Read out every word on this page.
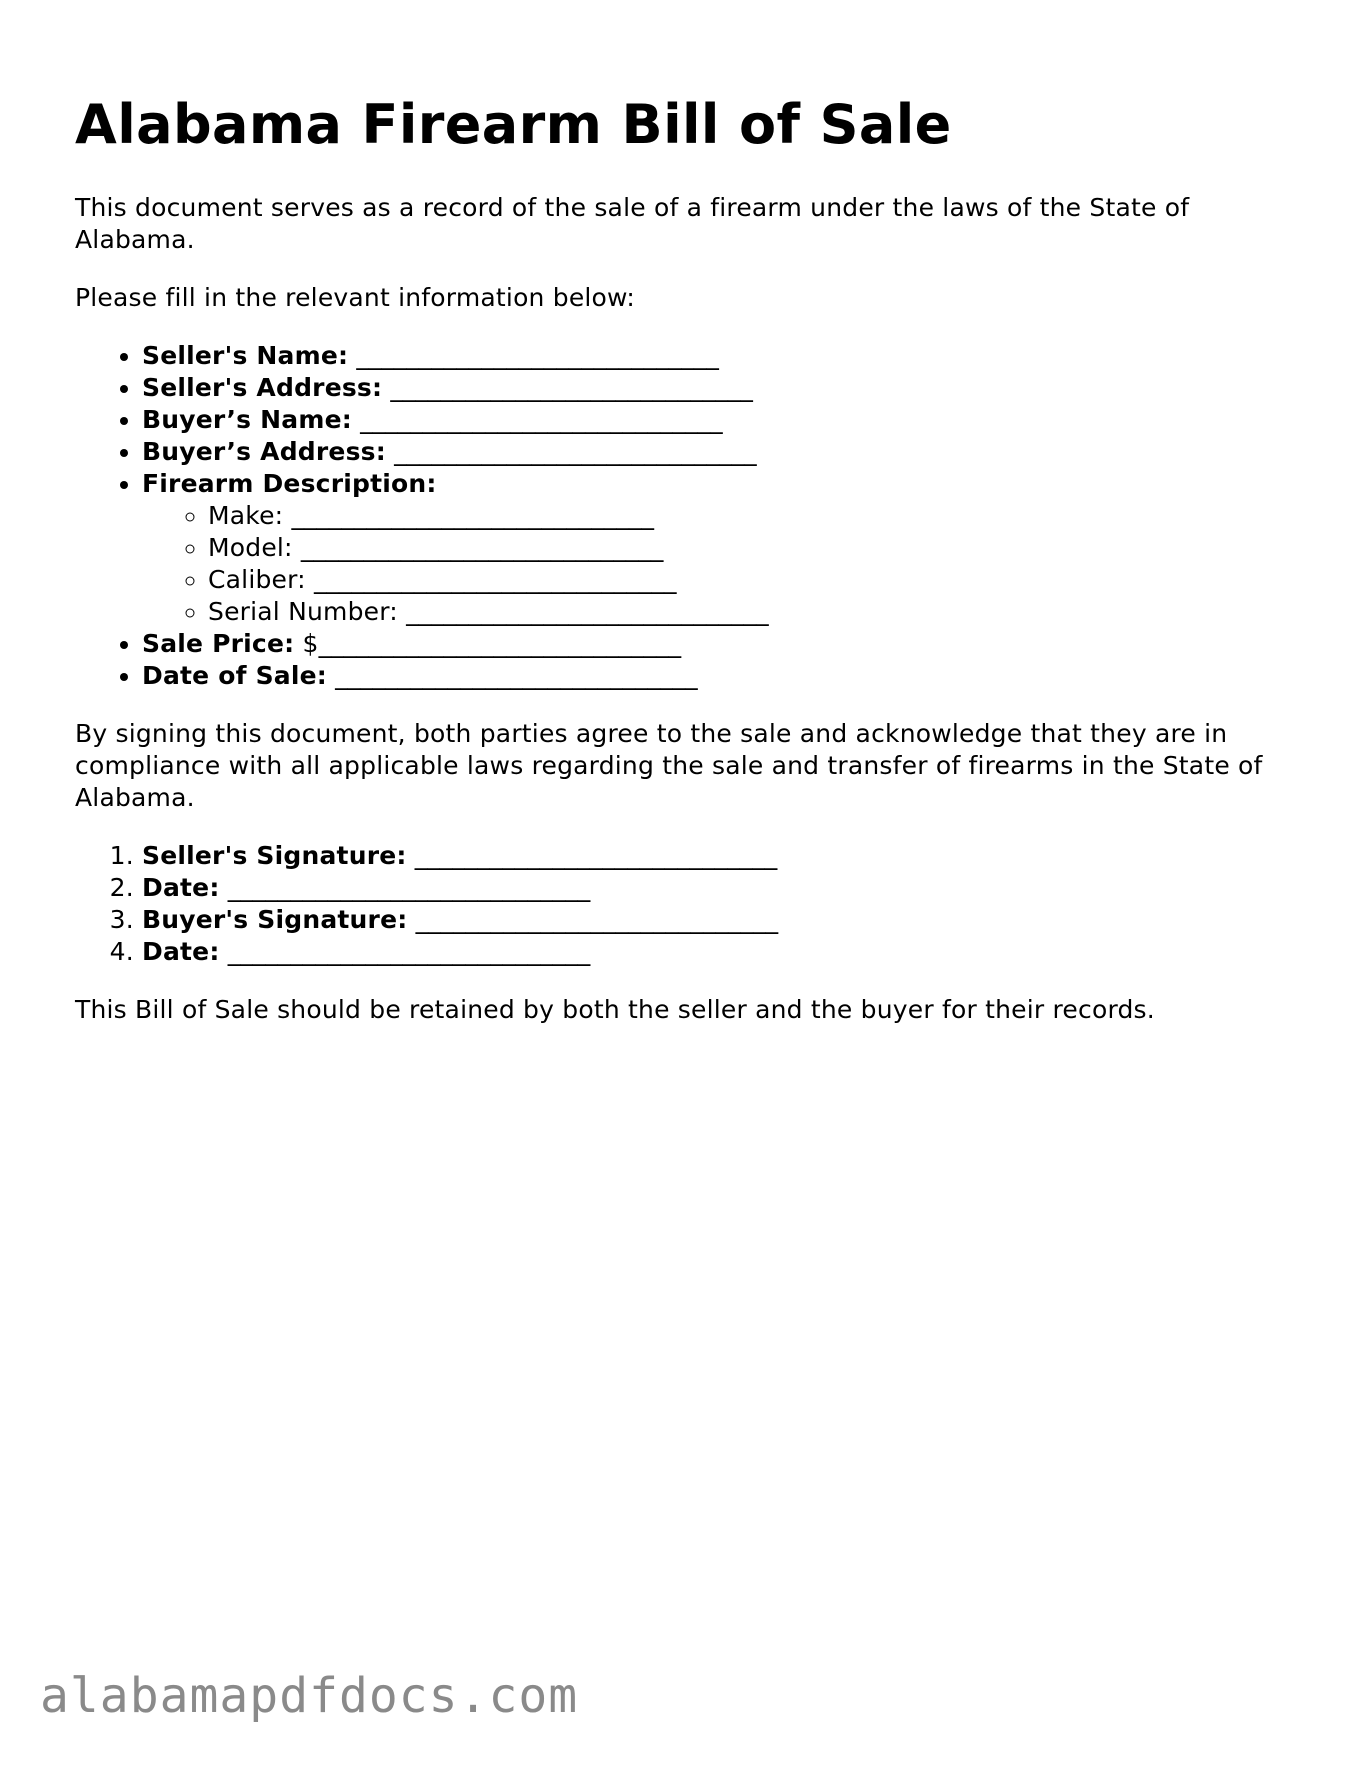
Alabama Firearm Bill of Sale

This document serves as a record of the sale of a firearm under the laws of the State of Alabama.

Please fill in the relevant information below:

• Seller's Name: _____________________________
• Seller's Address: _____________________________
• Buyer’s Name: _____________________________
• Buyer’s Address: _____________________________
• Firearm Description:
◦ Make: _____________________________
◦ Model: _____________________________
◦ Caliber: _____________________________
◦ Serial Number: _____________________________
• Sale Price: $_____________________________
• Date of Sale: _____________________________

By signing this document, both parties agree to the sale and acknowledge that they are in compliance with all applicable laws regarding the sale and transfer of firearms in the State of Alabama.

1. Seller's Signature: _____________________________
2. Date: _____________________________
3. Buyer's Signature: _____________________________
4. Date: _____________________________

This Bill of Sale should be retained by both the seller and the buyer for their records.

alabamapdfdocs.com
